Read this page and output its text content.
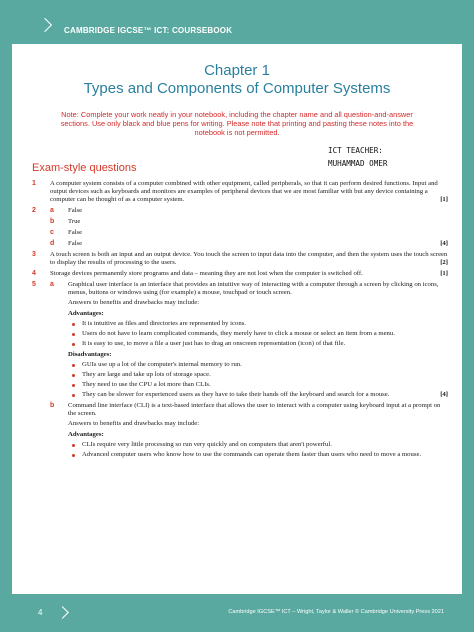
CAMBRIDGE IGCSE™ ICT: COURSEBOOK
Chapter 1
Types and Components of Computer Systems
Note: Complete your work neatly in your notebook, including the chapter name and all question-and-answer sections. Use only black and blue pens for writing. Please note that printing and pasting these notes into the notebook is not permitted.
ICT TEACHER:
MUHAMMAD OMER
Exam-style questions
1 A computer system consists of a computer combined with other equipment, called peripherals, so that it can perform desired functions. Input and output devices such as keyboards and monitors are examples of peripheral devices that we are most familiar with but any device containing a computer can be thought of as a computer system.	[1]
2 a False
b True
c False
d False	[4]
3 A touch screen is both an input and an output device. You touch the screen to input data into the computer, and then the system uses the touch screen to display the results of processing to the users.	[2]
4 Storage devices permanently store programs and data – meaning they are not lost when the computer is switched off.	[1]
5 a Graphical user interface is an interface that provides an intuitive way of interacting with a computer through a screen by clicking on icons, menus, buttons or windows using (for example) a mouse, touchpad or touch screen.
Answers to benefits and drawbacks may include:
Advantages:
It is intuitive as files and directories are represented by icons.
Users do not have to learn complicated commands, they merely have to click a mouse or select an item from a menu.
It is easy to use, to move a file a user just has to drag an onscreen representation (icon) of that file.
Disadvantages:
GUIs use up a lot of the computer's internal memory to run.
They are large and take up lots of storage space.
They need to use the CPU a lot more than CLIs.
They can be slower for experienced users as they have to take their hands off the keyboard and search for a mouse.	[4]
b Command line interface (CLI) is a text-based interface that allows the user to interact with a computer using keyboard input at a prompt on the screen.
Answers to benefits and drawbacks may include:
Advantages:
CLIs require very little processing so run very quickly and on computers that aren't powerful.
Advanced computer users who know how to use the commands can operate them faster than users who need to move a mouse.
4	Cambridge IGCSE™ ICT – Wright, Taylor & Waller © Cambridge University Press 2021
